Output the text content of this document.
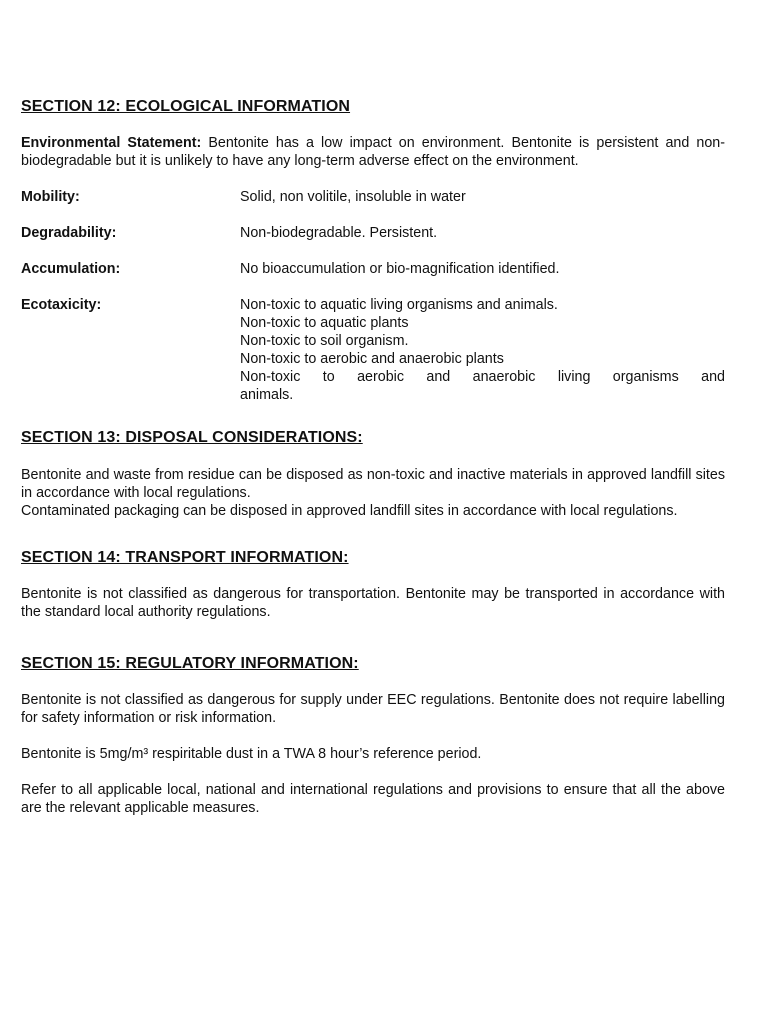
SECTION 12: ECOLOGICAL INFORMATION

Environmental Statement: Bentonite has a low impact on environment. Bentonite is persistent and non-biodegradable but it is unlikely to have any long-term adverse effect on the environment.

Mobility:	Solid, non volitile, insoluble in water
Degradability:	Non-biodegradable. Persistent.
Accumulation:	No bioaccumulation or bio-magnification identified.
Ecotaxicity:	Non-toxic to aquatic living organisms and animals.
Non-toxic to aquatic plants
Non-toxic to soil organism.
Non-toxic to aerobic and anaerobic plants
Non-toxic to aerobic and anaerobic living organisms and
animals.
SECTION 13: DISPOSAL CONSIDERATIONS:

Bentonite and waste from residue can be disposed as non-toxic and inactive materials in approved landfill sites in accordance with local regulations.

Contaminated packaging can be disposed in approved landfill sites in accordance with local regulations.

SECTION 14: TRANSPORT INFORMATION:

Bentonite is not classified as dangerous for transportation. Bentonite may be transported in accordance with the standard local authority regulations.

SECTION 15: REGULATORY INFORMATION:

Bentonite is not classified as dangerous for supply under EEC regulations. Bentonite does not require labelling for safety information or risk information.

Bentonite is 5mg/m³ respiritable dust in a TWA 8 hour’s reference period.

Refer to all applicable local, national and international regulations and provisions to ensure that all the above are the relevant applicable measures.
